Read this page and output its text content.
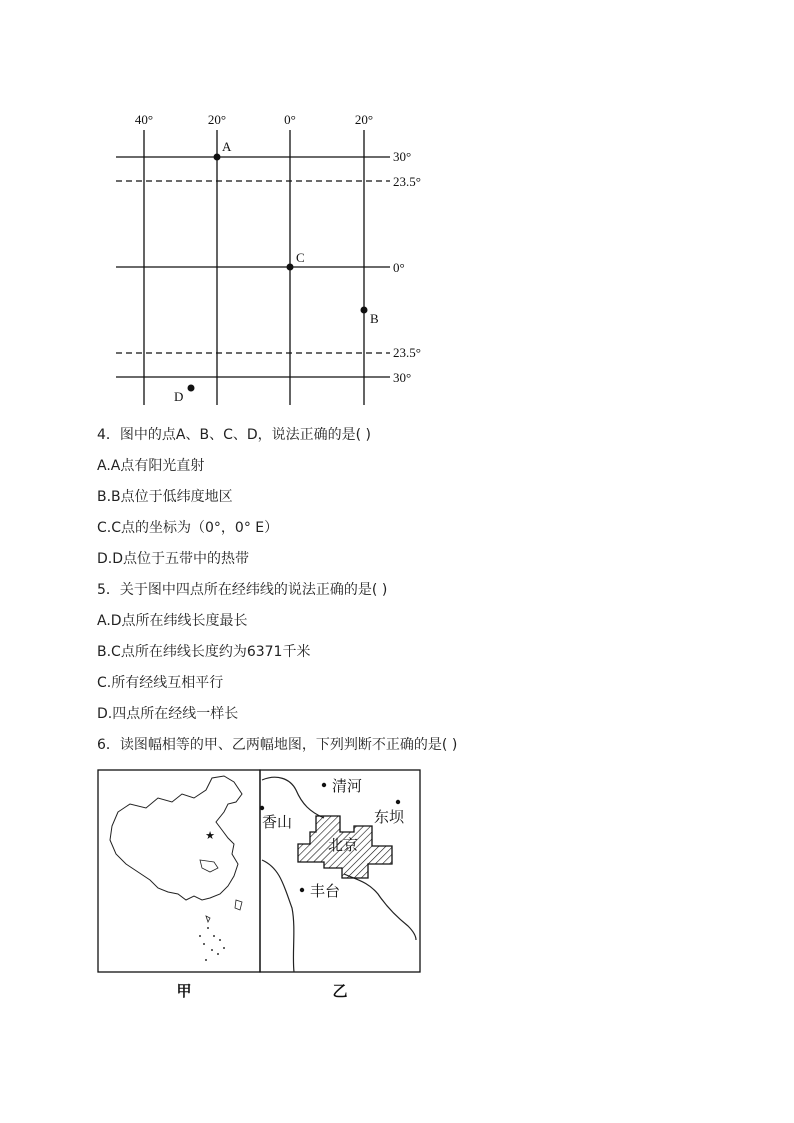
40°	20°	0°	20°
30°
23.5°
0°
23.5°
30°
A
B
C
D
4．图中的点A、B、C、D，说法正确的是( )
A.A点有阳光直射
B.B点位于低纬度地区
C.C点的坐标为（0°，0° E）
D.D点位于五带中的热带
5．关于图中四点所在经纬线的说法正确的是( )
A.D点所在纬线长度最长
B.C点所在纬线长度约为6371千米
C.所有经线互相平行
D.四点所在经线一样长
6．读图幅相等的甲、乙两幅地图，下列判断不正确的是( )
★
清河
香山	东坝
北京
丰台
甲	乙
